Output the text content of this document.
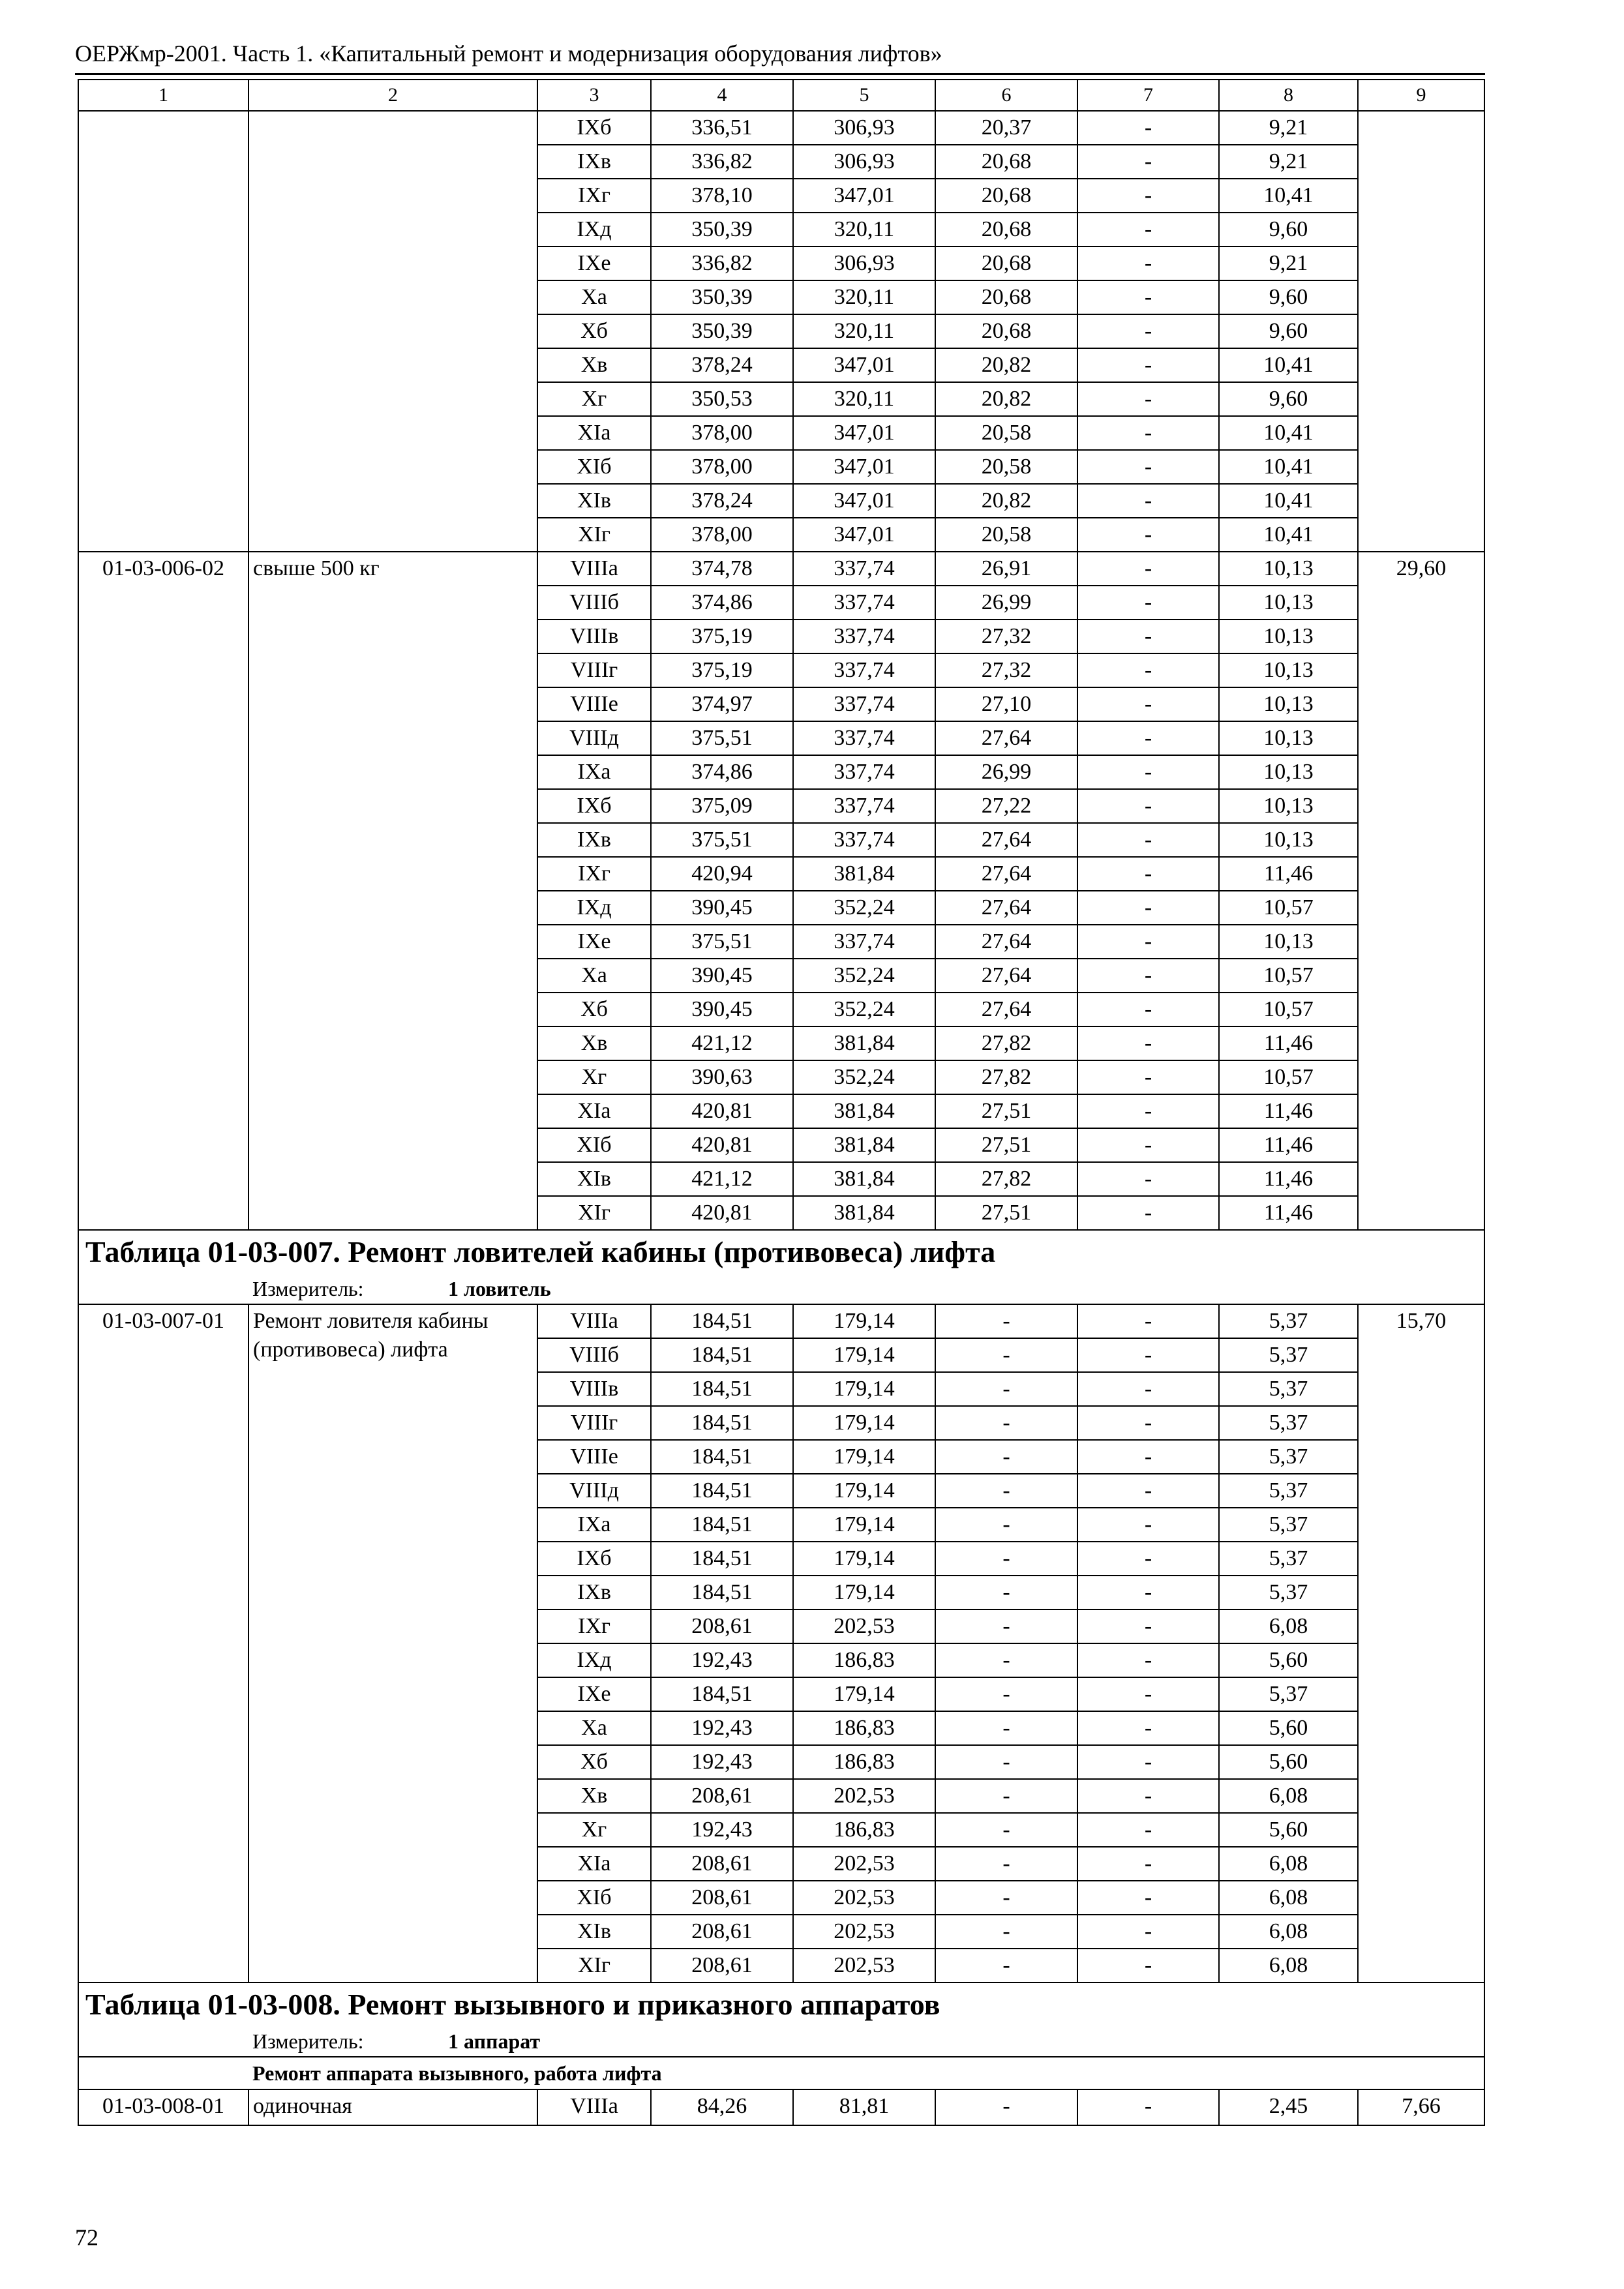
ОЕРЖмр-2001. Часть 1. «Капитальный ремонт и модернизация оборудования лифтов»
1	2	3	4	5	6	7	8	9
		IXб	336,51	306,93	20,37	-	9,21	
		IXв	336,82	306,93	20,68	-	9,21	
		IXг	378,10	347,01	20,68	-	10,41	
		IXд	350,39	320,11	20,68	-	9,60	
		IXе	336,82	306,93	20,68	-	9,21	
		Xа	350,39	320,11	20,68	-	9,60	
		Xб	350,39	320,11	20,68	-	9,60	
		Xв	378,24	347,01	20,82	-	10,41	
		Xг	350,53	320,11	20,82	-	9,60	
		XIа	378,00	347,01	20,58	-	10,41	
		XIб	378,00	347,01	20,58	-	10,41	
		XIв	378,24	347,01	20,82	-	10,41	
		XIг	378,00	347,01	20,58	-	10,41	
01-03-006-02	свыше 500 кг	VIIIа	374,78	337,74	26,91	-	10,13	29,60
		VIIIб	374,86	337,74	26,99	-	10,13	
		VIIIв	375,19	337,74	27,32	-	10,13	
		VIIIг	375,19	337,74	27,32	-	10,13	
		VIIIе	374,97	337,74	27,10	-	10,13	
		VIIIд	375,51	337,74	27,64	-	10,13	
		IXа	374,86	337,74	26,99	-	10,13	
		IXб	375,09	337,74	27,22	-	10,13	
		IXв	375,51	337,74	27,64	-	10,13	
		IXг	420,94	381,84	27,64	-	11,46	
		IXд	390,45	352,24	27,64	-	10,57	
		IXе	375,51	337,74	27,64	-	10,13	
		Xа	390,45	352,24	27,64	-	10,57	
		Xб	390,45	352,24	27,64	-	10,57	
		Xв	421,12	381,84	27,82	-	11,46	
		Xг	390,63	352,24	27,82	-	10,57	
		XIа	420,81	381,84	27,51	-	11,46	
		XIб	420,81	381,84	27,51	-	11,46	
		XIв	421,12	381,84	27,82	-	11,46	
		XIг	420,81	381,84	27,51	-	11,46	
Таблица 01-03-007. Ремонт ловителей кабины (противовеса) лифта								
Измеритель: 1 ловитель								
01-03-007-01	Ремонт ловителя кабины (противовеса) лифта	VIIIа	184,51	179,14	-	-	5,37	15,70
		VIIIб	184,51	179,14	-	-	5,37	
		VIIIв	184,51	179,14	-	-	5,37	
		VIIIг	184,51	179,14	-	-	5,37	
		VIIIе	184,51	179,14	-	-	5,37	
		VIIIд	184,51	179,14	-	-	5,37	
		IXа	184,51	179,14	-	-	5,37	
		IXб	184,51	179,14	-	-	5,37	
		IXв	184,51	179,14	-	-	5,37	
		IXг	208,61	202,53	-	-	6,08	
		IXд	192,43	186,83	-	-	5,60	
		IXе	184,51	179,14	-	-	5,37	
		Xа	192,43	186,83	-	-	5,60	
		Xб	192,43	186,83	-	-	5,60	
		Xв	208,61	202,53	-	-	6,08	
		Xг	192,43	186,83	-	-	5,60	
		XIа	208,61	202,53	-	-	6,08	
		XIб	208,61	202,53	-	-	6,08	
		XIв	208,61	202,53	-	-	6,08	
		XIг	208,61	202,53	-	-	6,08	
Таблица 01-03-008. Ремонт вызывного и приказного аппаратов								
Измеритель: 1 аппарат								
Ремонт аппарата вызывного, работа лифта								
01-03-008-01	одиночная	VIIIа	84,26	81,81	-	-	2,45	7,66
72
